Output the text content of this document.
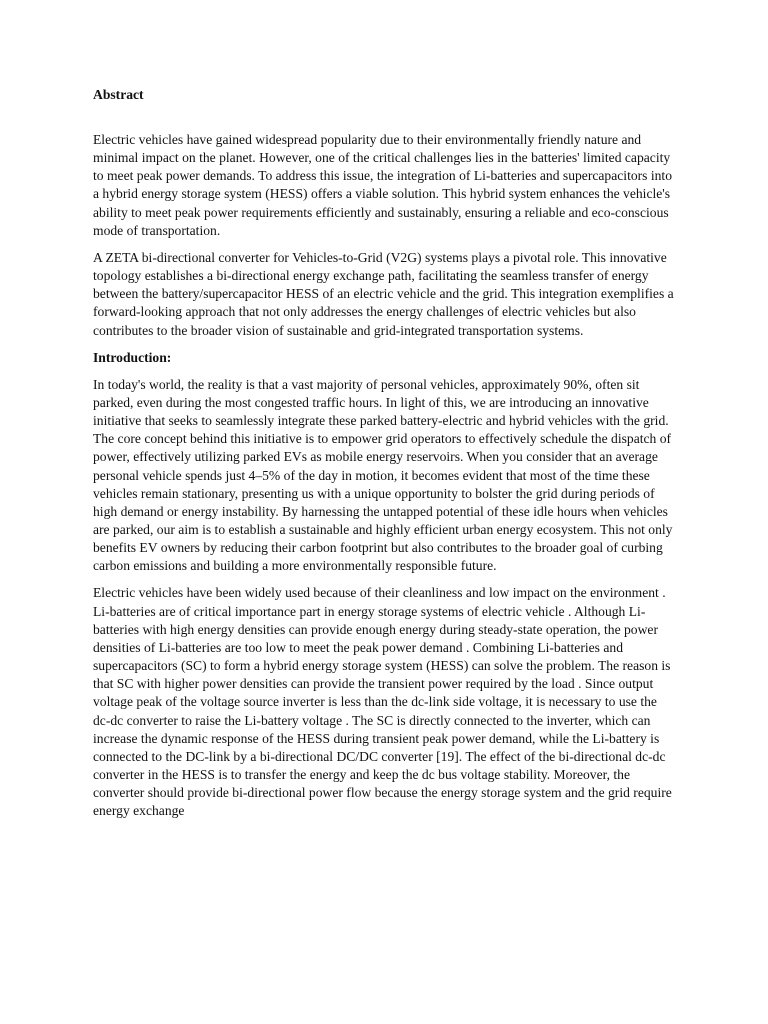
Abstract

Electric vehicles have gained widespread popularity due to their environmentally friendly nature and minimal impact on the planet. However, one of the critical challenges lies in the batteries' limited capacity to meet peak power demands. To address this issue, the integration of Li-batteries and supercapacitors into a hybrid energy storage system (HESS) offers a viable solution. This hybrid system enhances the vehicle's ability to meet peak power requirements efficiently and sustainably, ensuring a reliable and eco-conscious mode of transportation.

A ZETA bi-directional converter for Vehicles-to-Grid (V2G) systems plays a pivotal role. This innovative topology establishes a bi-directional energy exchange path, facilitating the seamless transfer of energy between the battery/supercapacitor HESS of an electric vehicle and the grid. This integration exemplifies a forward-looking approach that not only addresses the energy challenges of electric vehicles but also contributes to the broader vision of sustainable and grid-integrated transportation systems.

Introduction:

In today's world, the reality is that a vast majority of personal vehicles, approximately 90%, often sit parked, even during the most congested traffic hours. In light of this, we are introducing an innovative initiative that seeks to seamlessly integrate these parked battery-electric and hybrid vehicles with the grid. The core concept behind this initiative is to empower grid operators to effectively schedule the dispatch of power, effectively utilizing parked EVs as mobile energy reservoirs. When you consider that an average personal vehicle spends just 4–5% of the day in motion, it becomes evident that most of the time these vehicles remain stationary, presenting us with a unique opportunity to bolster the grid during periods of high demand or energy instability. By harnessing the untapped potential of these idle hours when vehicles are parked, our aim is to establish a sustainable and highly efficient urban energy ecosystem. This not only benefits EV owners by reducing their carbon footprint but also contributes to the broader goal of curbing carbon emissions and building a more environmentally responsible future.

Electric vehicles have been widely used because of their cleanliness and low impact on the environment . Li-batteries are of critical importance part in energy storage systems of electric vehicle . Although Li-batteries with high energy densities can provide enough energy during steady-state operation, the power densities of Li-batteries are too low to meet the peak power demand . Combining Li-batteries and supercapacitors (SC) to form a hybrid energy storage system (HESS) can solve the problem. The reason is that SC with higher power densities can provide the transient power required by the load . Since output voltage peak of the voltage source inverter is less than the dc-link side voltage, it is necessary to use the dc-dc converter to raise the Li-battery voltage . The SC is directly connected to the inverter, which can increase the dynamic response of the HESS during transient peak power demand, while the Li-battery is connected to the DC-link by a bi-directional DC/DC converter [19]. The effect of the bi-directional dc-dc converter in the HESS is to transfer the energy and keep the dc bus voltage stability. Moreover, the converter should provide bi-directional power flow because the energy storage system and the grid require energy exchange
